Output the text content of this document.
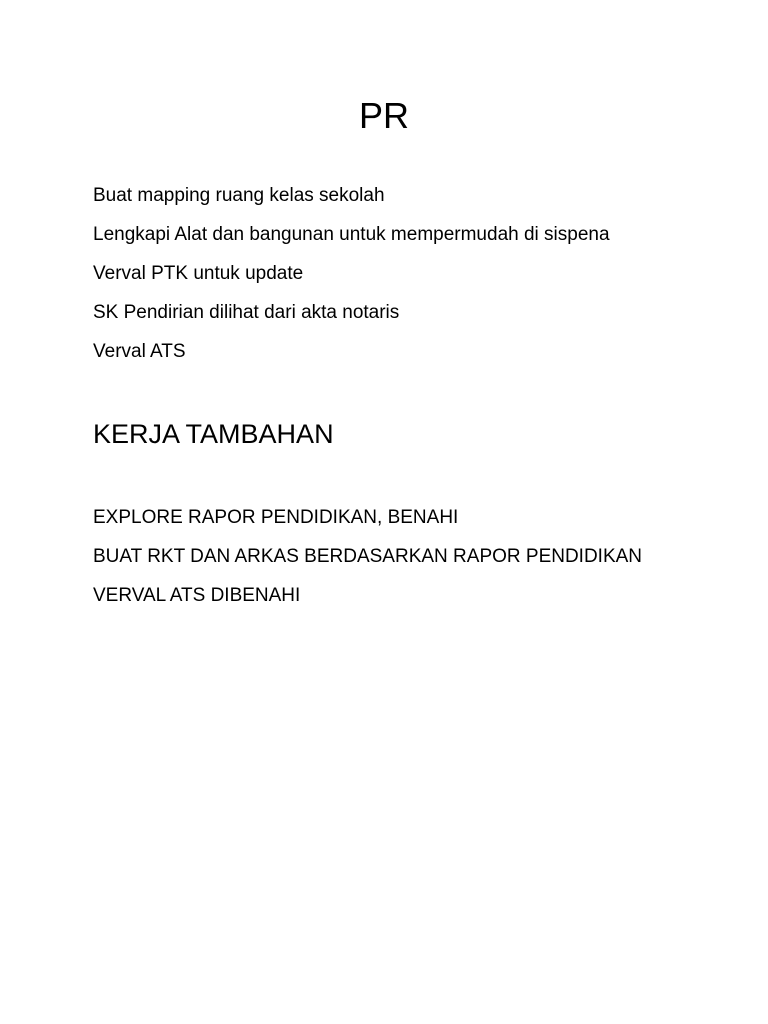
PR
Buat mapping ruang kelas sekolah
Lengkapi Alat dan bangunan untuk mempermudah di sispena
Verval PTK untuk update
SK Pendirian dilihat dari akta notaris
Verval ATS
KERJA TAMBAHAN
EXPLORE RAPOR PENDIDIKAN, BENAHI
BUAT RKT DAN ARKAS BERDASARKAN RAPOR PENDIDIKAN
VERVAL ATS DIBENAHI
